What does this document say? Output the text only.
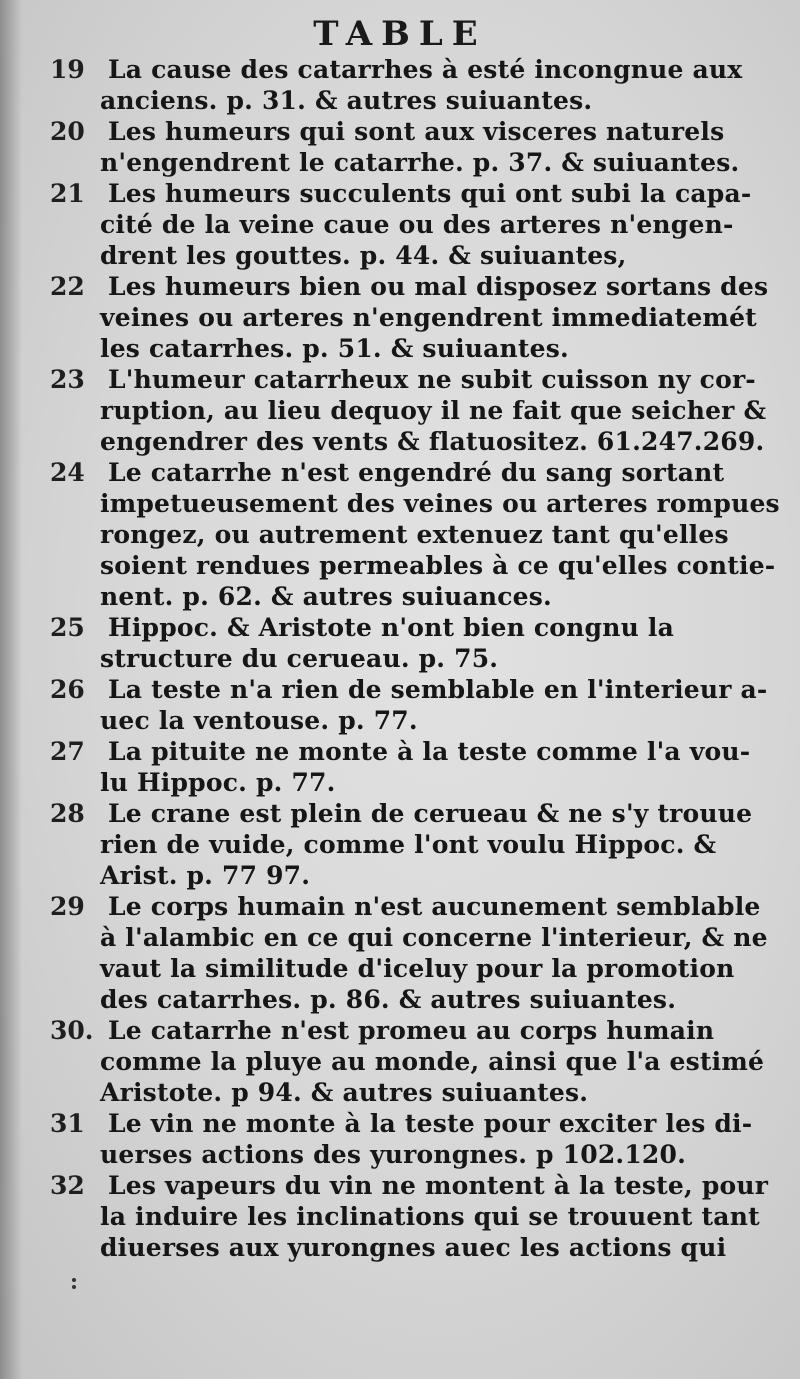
TABLE
19 La cause des catarrhes à esté incongnue aux
anciens. p. 31. & autres suiuantes.
20 Les humeurs qui sont aux visceres naturels
n'engendrent le catarrhe. p. 37. & suiuantes.
21 Les humeurs succulents qui ont subi la capa-
cité de la veine caue ou des arteres n'engen-
drent les gouttes. p. 44. & suiuantes,
22 Les humeurs bien ou mal disposez sortans des
veines ou arteres n'engendrent immediatemét
les catarrhes. p. 51. & suiuantes.
23 L'humeur catarrheux ne subit cuisson ny cor-
ruption, au lieu dequoy il ne fait que seicher &
engendrer des vents & flatuositez. 61.247.269.
24 Le catarrhe n'est engendré du sang sortant
impetueusement des veines ou arteres rompues
rongez, ou autrement extenuez tant qu'elles
soient rendues permeables à ce qu'elles contie-
nent. p. 62. & autres suiuances.
25 Hippoc. & Aristote n'ont bien congnu la
structure du cerueau. p. 75.
26 La teste n'a rien de semblable en l'interieur a-
uec la ventouse. p. 77.
27 La pituite ne monte à la teste comme l'a vou-
lu Hippoc. p. 77.
28 Le crane est plein de cerueau & ne s'y trouue
rien de vuide, comme l'ont voulu Hippoc. &
Arist. p. 77 97.
29 Le corps humain n'est aucunement semblable
à l'alambic en ce qui concerne l'interieur, & ne
vaut la similitude d'iceluy pour la promotion
des catarrhes. p. 86. & autres suiuantes.
30. Le catarrhe n'est promeu au corps humain
comme la pluye au monde, ainsi que l'a estimé
Aristote. p 94. & autres suiuantes.
31 Le vin ne monte à la teste pour exciter les di-
uerses actions des yurongnes. p 102.120.
32 Les vapeurs du vin ne montent à la teste, pour
la induire les inclinations qui se trouuent tant
diuerses aux yurongnes auec les actions qui
